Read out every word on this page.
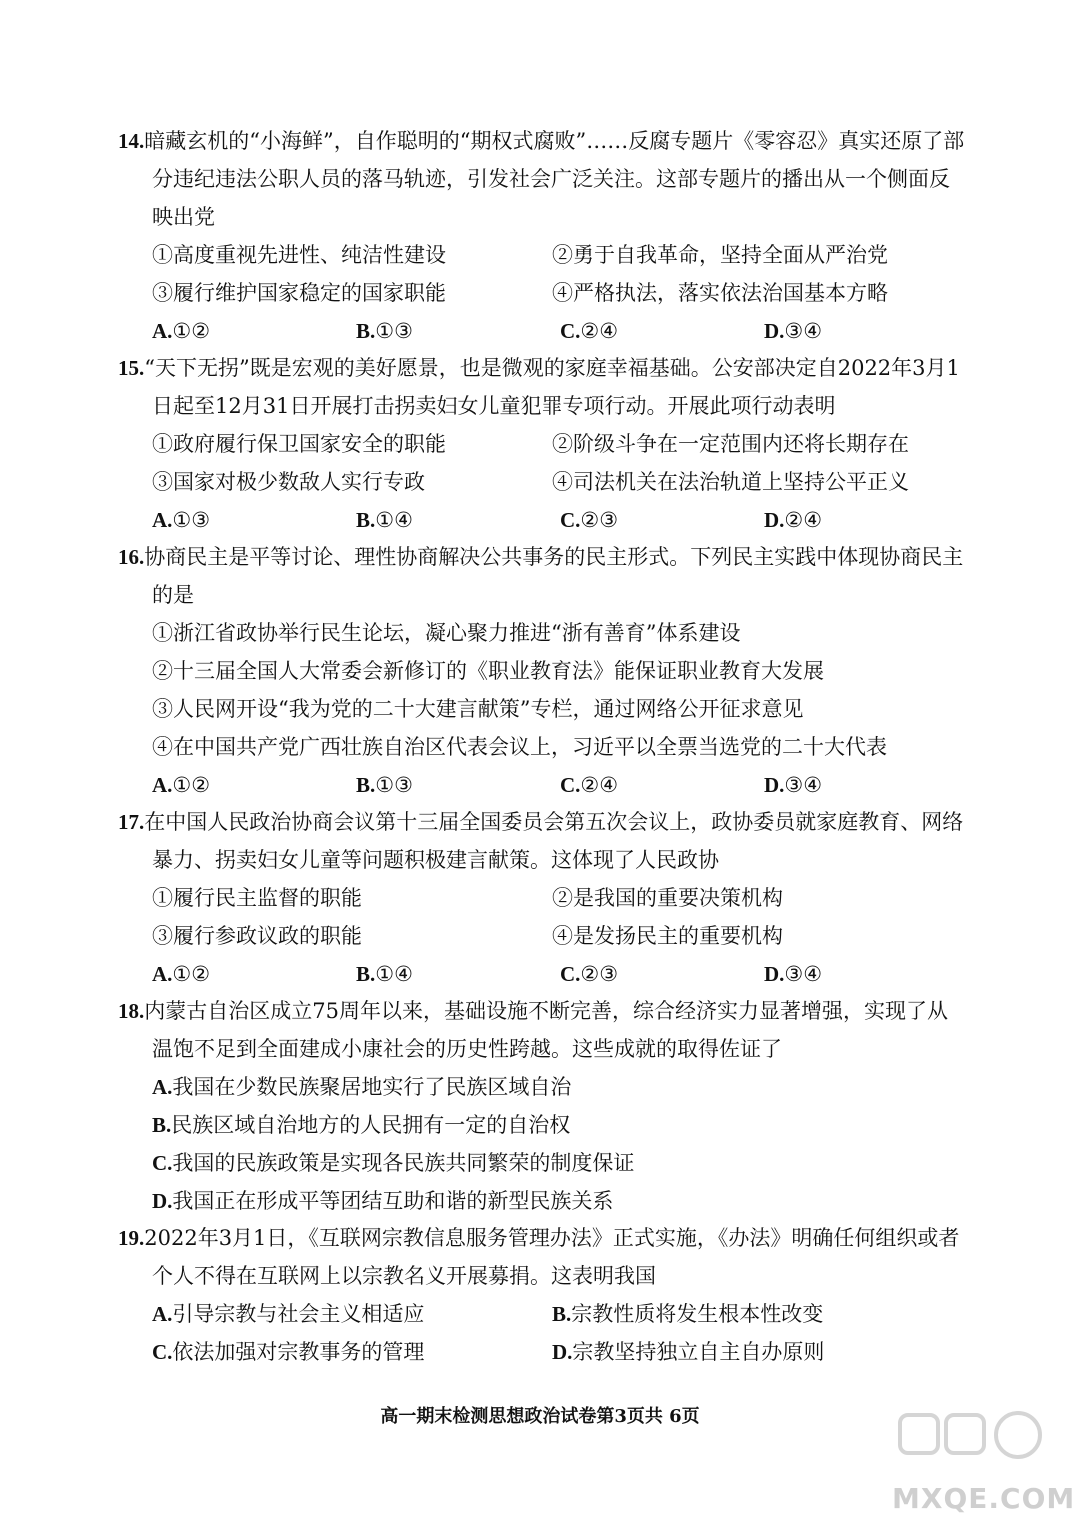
14.暗藏玄机的“小海鲜”，自作聪明的“期权式腐败”……反腐专题片《零容忍》真实还原了部分违纪违法公职人员的落马轨迹，引发社会广泛关注。这部专题片的播出从一个侧面反映出党
①高度重视先进性、纯洁性建设	②勇于自我革命，坚持全面从严治党
③履行维护国家稳定的国家职能	④严格执法，落实依法治国基本方略
A.①②	B.①③	C.②④	D.③④
15.“天下无拐”既是宏观的美好愿景，也是微观的家庭幸福基础。公安部决定自2022年3月1日起至12月31日开展打击拐卖妇女儿童犯罪专项行动。开展此项行动表明
①政府履行保卫国家安全的职能	②阶级斗争在一定范围内还将长期存在
③国家对极少数敌人实行专政	④司法机关在法治轨道上坚持公平正义
A.①③	B.①④	C.②③	D.②④
16.协商民主是平等讨论、理性协商解决公共事务的民主形式。下列民主实践中体现协商民主的是
①浙江省政协举行民生论坛，凝心聚力推进“浙有善育”体系建设
②十三届全国人大常委会新修订的《职业教育法》能保证职业教育大发展
③人民网开设“我为党的二十大建言献策”专栏，通过网络公开征求意见
④在中国共产党广西壮族自治区代表会议上，习近平以全票当选党的二十大代表
A.①②	B.①③	C.②④	D.③④
17.在中国人民政治协商会议第十三届全国委员会第五次会议上，政协委员就家庭教育、网络暴力、拐卖妇女儿童等问题积极建言献策。这体现了人民政协
①履行民主监督的职能	②是我国的重要决策机构
③履行参政议政的职能	④是发扬民主的重要机构
A.①②	B.①④	C.②③	D.③④
18.内蒙古自治区成立75周年以来，基础设施不断完善，综合经济实力显著增强，实现了从温饱不足到全面建成小康社会的历史性跨越。这些成就的取得佐证了
A.我国在少数民族聚居地实行了民族区域自治
B.民族区域自治地方的人民拥有一定的自治权
C.我国的民族政策是实现各民族共同繁荣的制度保证
D.我国正在形成平等团结互助和谐的新型民族关系
19.2022年3月1日，《互联网宗教信息服务管理办法》正式实施，《办法》明确任何组织或者个人不得在互联网上以宗教名义开展募捐。这表明我国
A.引导宗教与社会主义相适应	B.宗教性质将发生根本性改变
C.依法加强对宗教事务的管理	D.宗教坚持独立自主自办原则
高一期末检测思想政治试卷第3页共 6页
MXQE.COM
